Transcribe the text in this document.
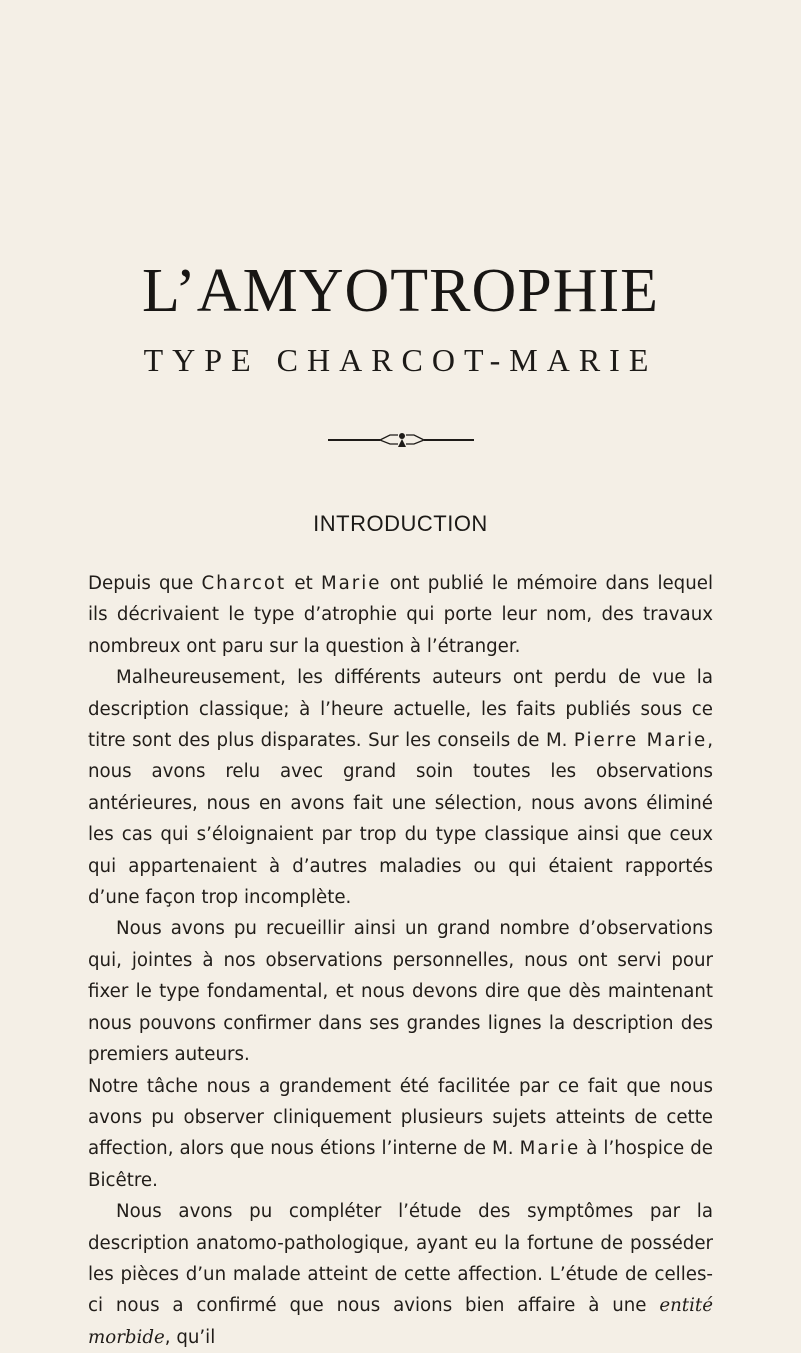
L’AMYOTROPHIE
TYPE CHARCOT-MARIE
INTRODUCTION

Depuis que Charcot et Marie ont publié le mémoire dans lequel ils décrivaient le type d’atrophie qui porte leur nom, des travaux nombreux ont paru sur la question à l’étranger.

Malheureusement, les différents auteurs ont perdu de vue la description classique; à l’heure actuelle, les faits publiés sous ce titre sont des plus disparates. Sur les conseils de M. Pierre Marie, nous avons relu avec grand soin toutes les observations antérieures, nous en avons fait une sélection, nous avons éliminé les cas qui s’éloignaient par trop du type classique ainsi que ceux qui appartenaient à d’autres maladies ou qui étaient rapportés d’une façon trop incomplète.

Nous avons pu recueillir ainsi un grand nombre d’observations qui, jointes à nos observations personnelles, nous ont servi pour fixer le type fondamental, et nous devons dire que dès maintenant nous pouvons confirmer dans ses grandes lignes la description des premiers auteurs.

Notre tâche nous a grandement été facilitée par ce fait que nous avons pu observer cliniquement plusieurs sujets atteints de cette affection, alors que nous étions l’interne de M. Marie à l’hospice de Bicêtre.

Nous avons pu compléter l’étude des symptômes par la description anatomo-pathologique, ayant eu la fortune de posséder les pièces d’un malade atteint de cette affection. L’étude de celles-ci nous a confirmé que nous avions bien affaire à une entité morbide, qu’il
